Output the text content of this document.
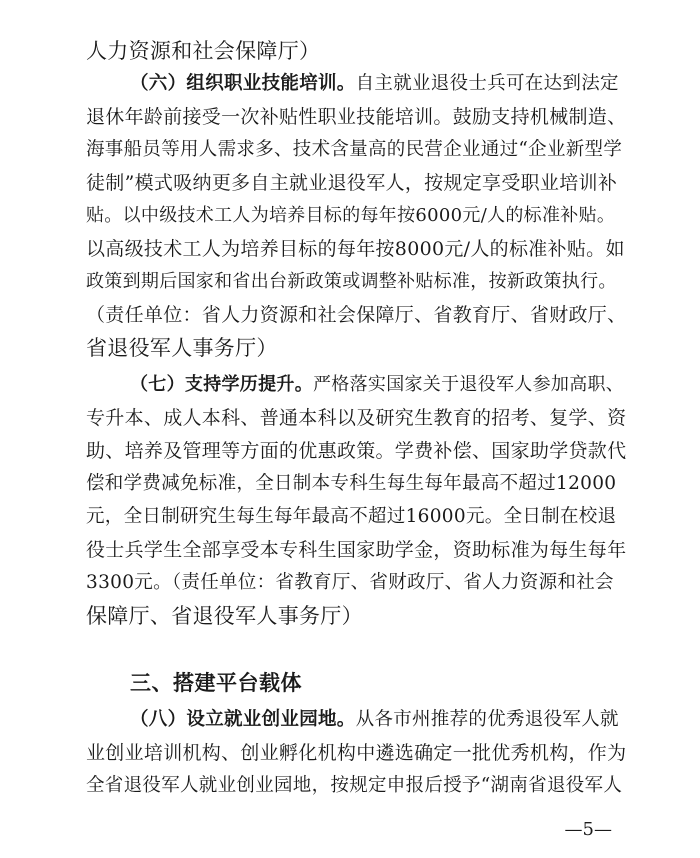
人力资源和社会保障厅）
（六）组织职业技能培训。自主就业退役士兵可在达到法定
退休年龄前接受一次补贴性职业技能培训。鼓励支持机械制造、
海事船员等用人需求多、技术含量高的民营企业通过“企业新型学
徒制”模式吸纳更多自主就业退役军人，按规定享受职业培训补
贴。以中级技术工人为培养目标的每年按6000元/人的标准补贴。
以高级技术工人为培养目标的每年按8000元/人的标准补贴。如
政策到期后国家和省出台新政策或调整补贴标准，按新政策执行。
（责任单位：省人力资源和社会保障厅、省教育厅、省财政厅、
省退役军人事务厅）
（七）支持学历提升。严格落实国家关于退役军人参加高职、
专升本、成人本科、普通本科以及研究生教育的招考、复学、资
助、培养及管理等方面的优惠政策。学费补偿、国家助学贷款代
偿和学费减免标准，全日制本专科生每生每年最高不超过12000
元，全日制研究生每生每年最高不超过16000元。全日制在校退
役士兵学生全部享受本专科生国家助学金，资助标准为每生每年
3300元。（责任单位：省教育厅、省财政厅、省人力资源和社会
保障厅、省退役军人事务厅）
三、搭建平台载体
（八）设立就业创业园地。从各市州推荐的优秀退役军人就
业创业培训机构、创业孵化机构中遴选确定一批优秀机构，作为
全省退役军人就业创业园地，按规定申报后授予“湖南省退役军人
—5—
